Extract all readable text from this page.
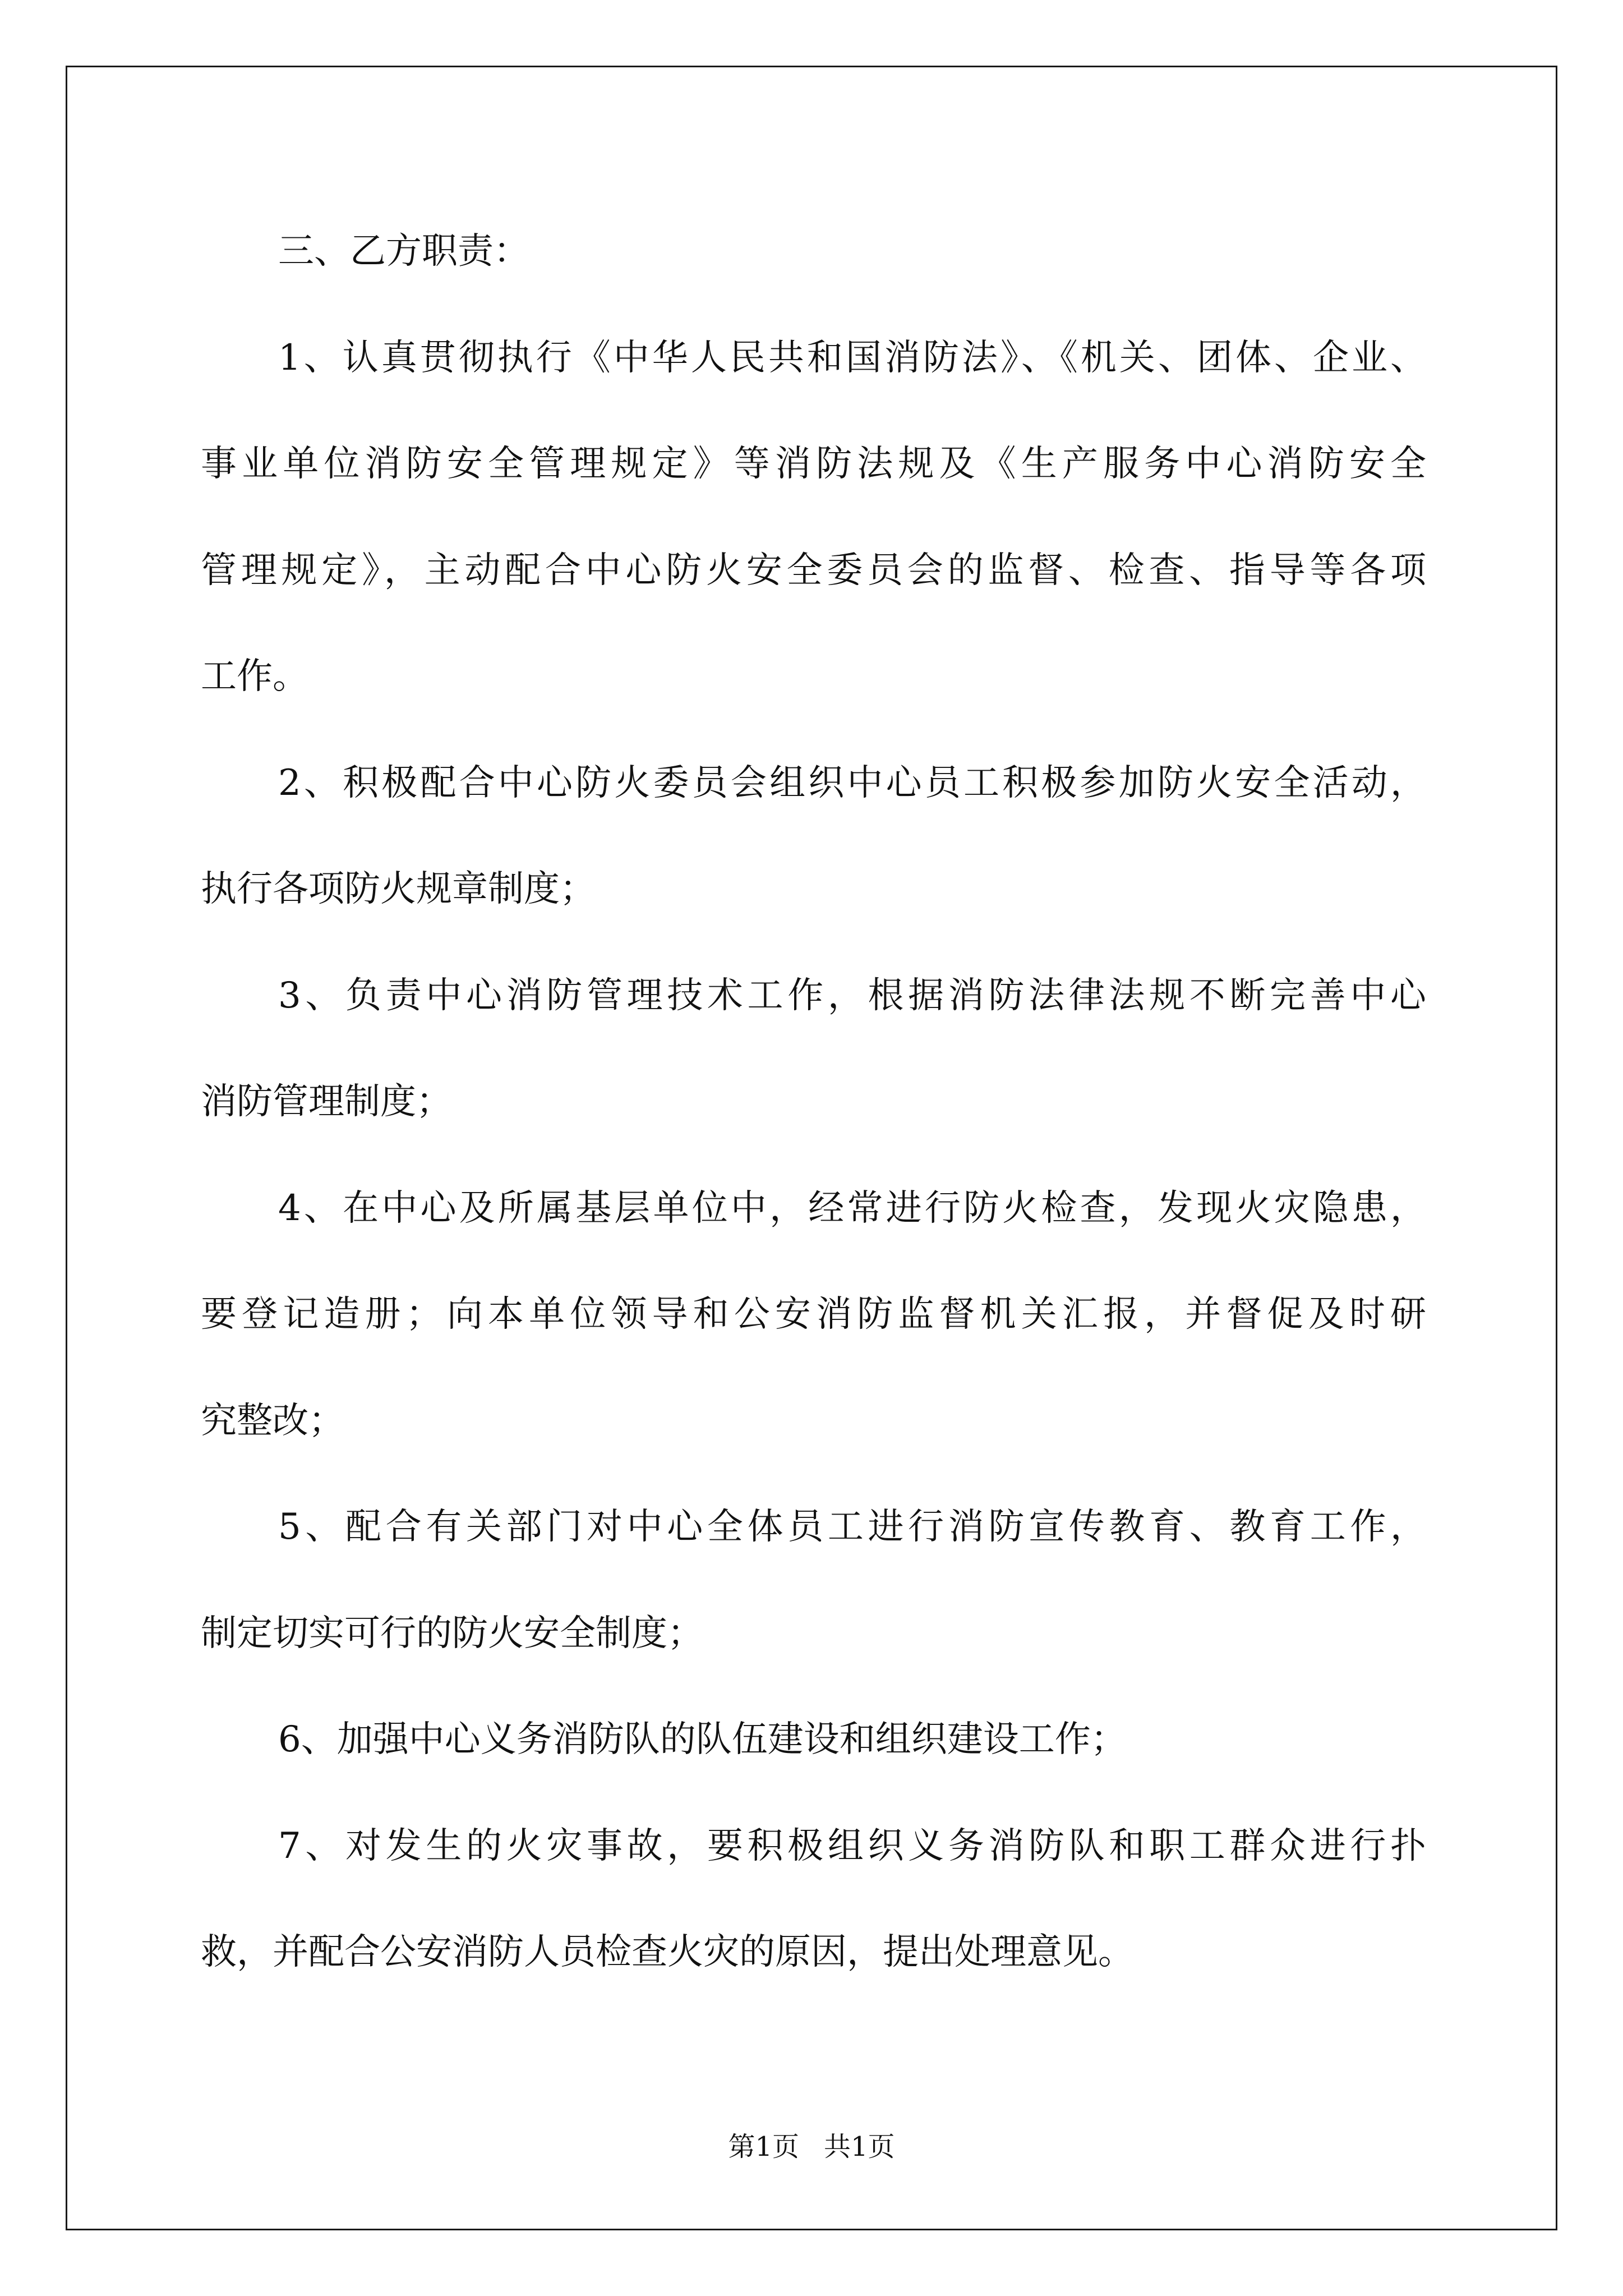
三、乙方职责：
1、认真贯彻执行《中华人民共和国消防法》、《机关、团体、企业、
事业单位消防安全管理规定》等消防法规及《生产服务中心消防安全
管理规定》，主动配合中心防火安全委员会的监督、检查、指导等各项
工作。
2、积极配合中心防火委员会组织中心员工积极参加防火安全活动，
执行各项防火规章制度；
3、负责中心消防管理技术工作，根据消防法律法规不断完善中心
消防管理制度；
4、在中心及所属基层单位中，经常进行防火检查，发现火灾隐患，
要登记造册；向本单位领导和公安消防监督机关汇报，并督促及时研
究整改；
5、配合有关部门对中心全体员工进行消防宣传教育、教育工作，
制定切实可行的防火安全制度；
6、加强中心义务消防队的队伍建设和组织建设工作；
7、对发生的火灾事故，要积极组织义务消防队和职工群众进行扑
救，并配合公安消防人员检查火灾的原因，提出处理意见。
第1页 共1页
